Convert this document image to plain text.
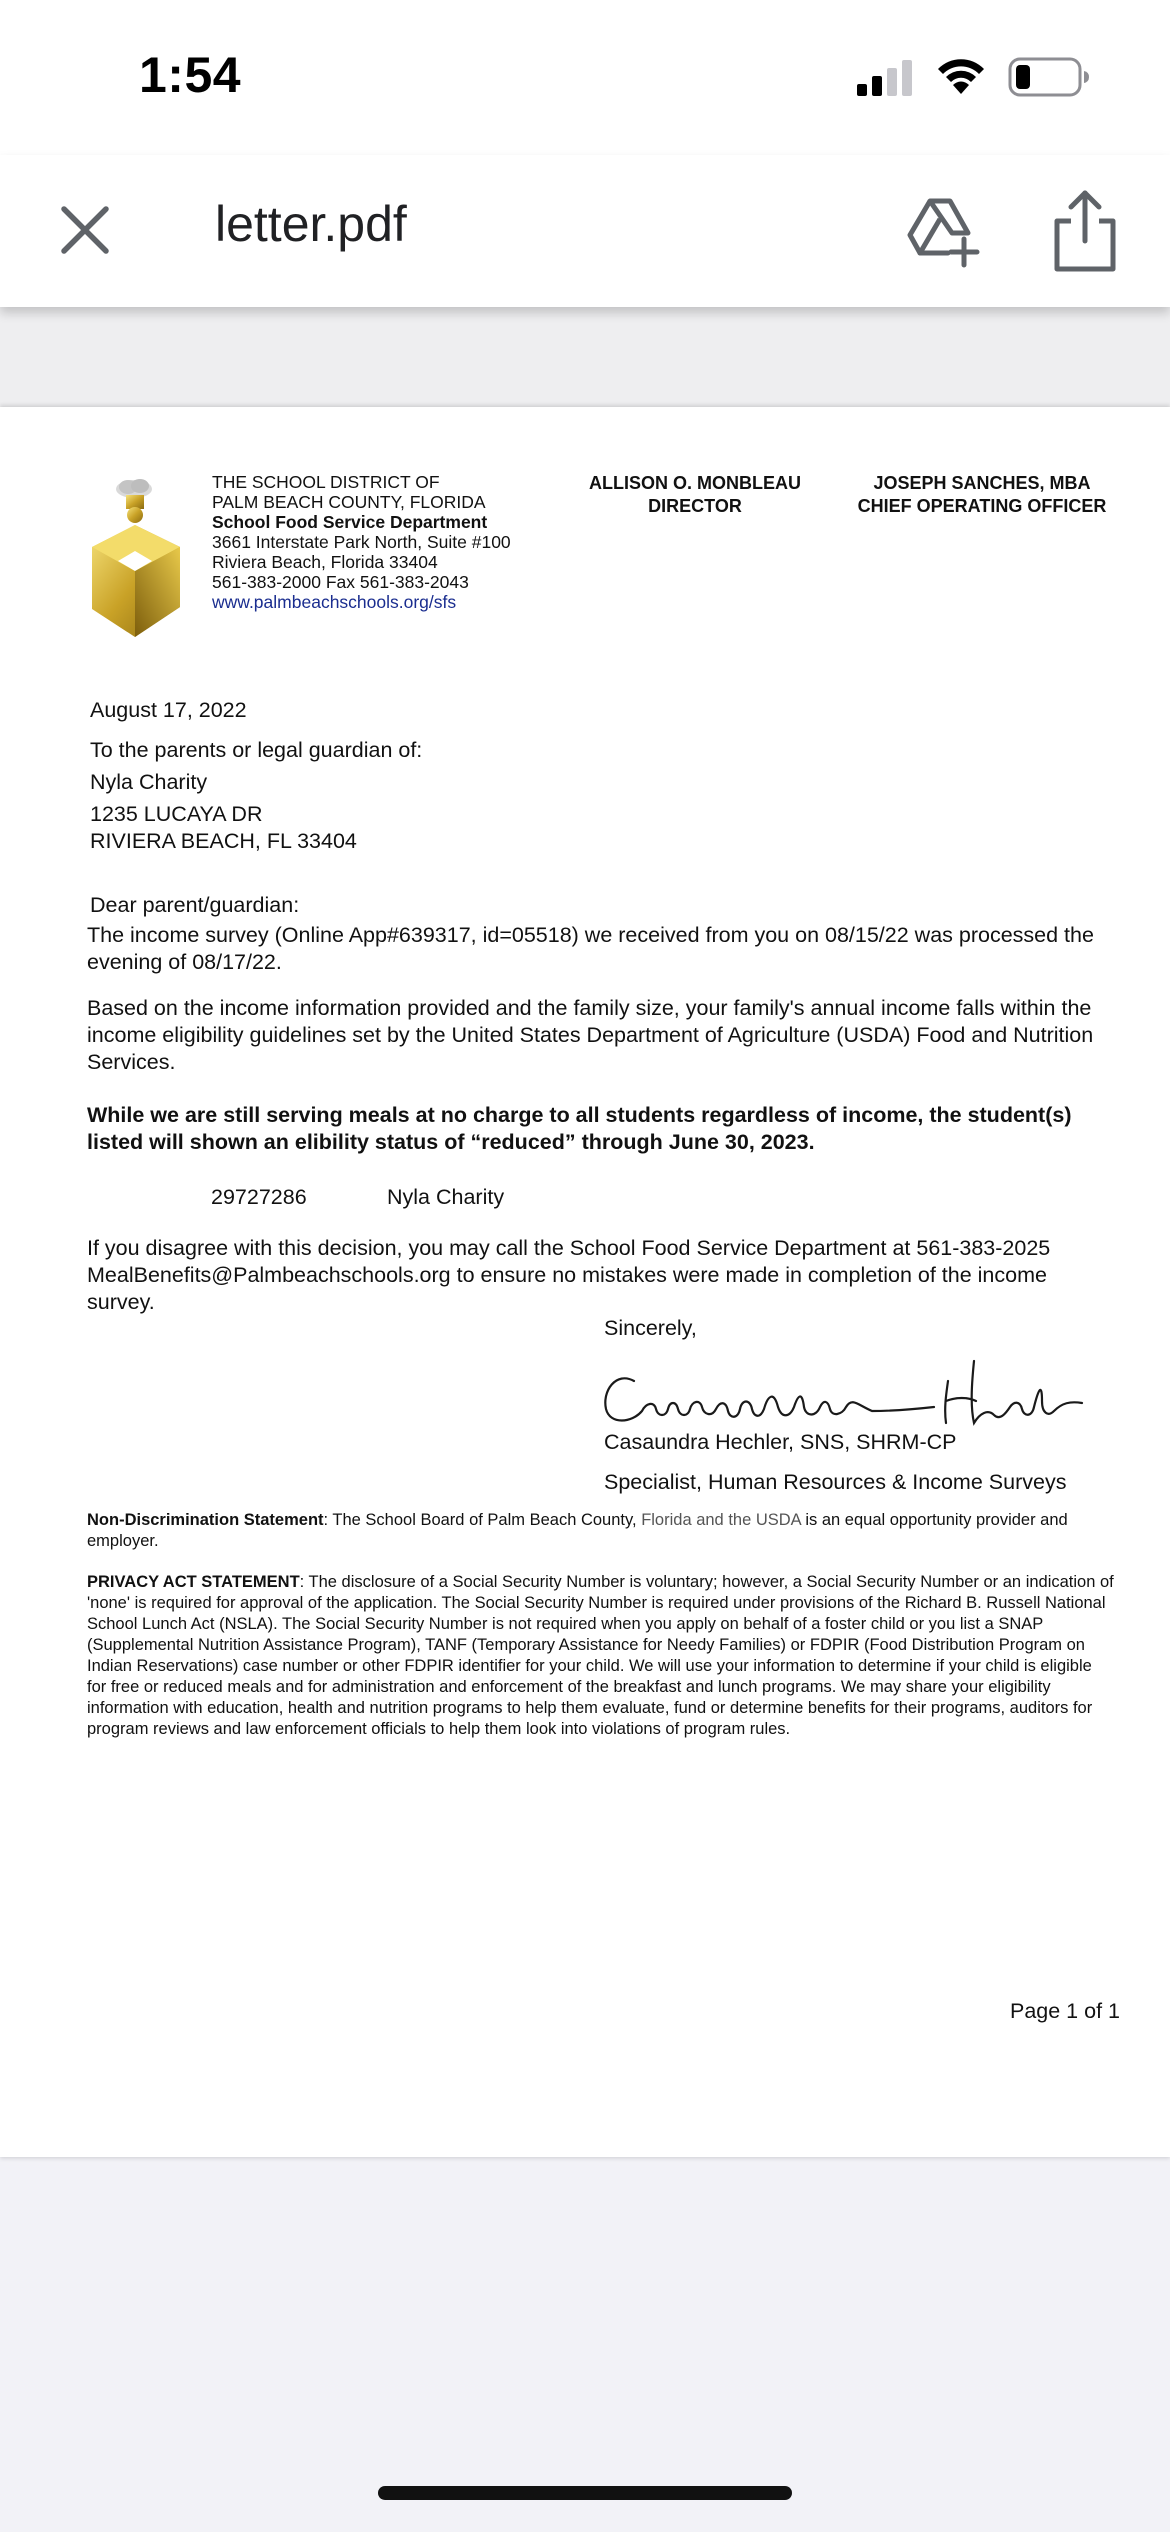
1:54
letter.pdf
THE SCHOOL DISTRICT OF
PALM BEACH COUNTY, FLORIDA
School Food Service Department
3661 Interstate Park North, Suite #100
Riviera Beach, Florida 33404
561-383-2000 Fax 561-383-2043
www.palmbeachschools.org/sfs
ALLISON O. MONBLEAU
DIRECTOR
JOSEPH SANCHES, MBA
CHIEF OPERATING OFFICER
August 17, 2022
To the parents or legal guardian of:
Nyla Charity
1235 LUCAYA DR
RIVIERA BEACH, FL 33404
Dear parent/guardian:
The income survey (Online App#639317, id=05518) we received from you on 08/15/22 was processed the evening of 08/17/22.
Based on the income information provided and the family size, your family's annual income falls within the income eligibility guidelines set by the United States Department of Agriculture (USDA) Food and Nutrition Services.
While we are still serving meals at no charge to all students regardless of income, the student(s) listed will shown an elibility status of “reduced” through June 30, 2023.
29727286	Nyla Charity
If you disagree with this decision, you may call the School Food Service Department at 561-383-2025 MealBenefits@Palmbeachschools.org to ensure no mistakes were made in completion of the income survey.
Sincerely,
Casaundra Hechler, SNS, SHRM-CP
Specialist, Human Resources & Income Surveys
Non-Discrimination Statement: The School Board of Palm Beach County, Florida and the USDA is an equal opportunity provider and employer.
PRIVACY ACT STATEMENT: The disclosure of a Social Security Number is voluntary; however, a Social Security Number or an indication of 'none' is required for approval of the application. The Social Security Number is required under provisions of the Richard B. Russell National School Lunch Act (NSLA). The Social Security Number is not required when you apply on behalf of a foster child or you list a SNAP (Supplemental Nutrition Assistance Program), TANF (Temporary Assistance for Needy Families) or FDPIR (Food Distribution Program on Indian Reservations) case number or other FDPIR identifier for your child. We will use your information to determine if your child is eligible for free or reduced meals and for administration and enforcement of the breakfast and lunch programs. We may share your eligibility information with education, health and nutrition programs to help them evaluate, fund or determine benefits for their programs, auditors for program reviews and law enforcement officials to help them look into violations of program rules.
Page 1 of 1
